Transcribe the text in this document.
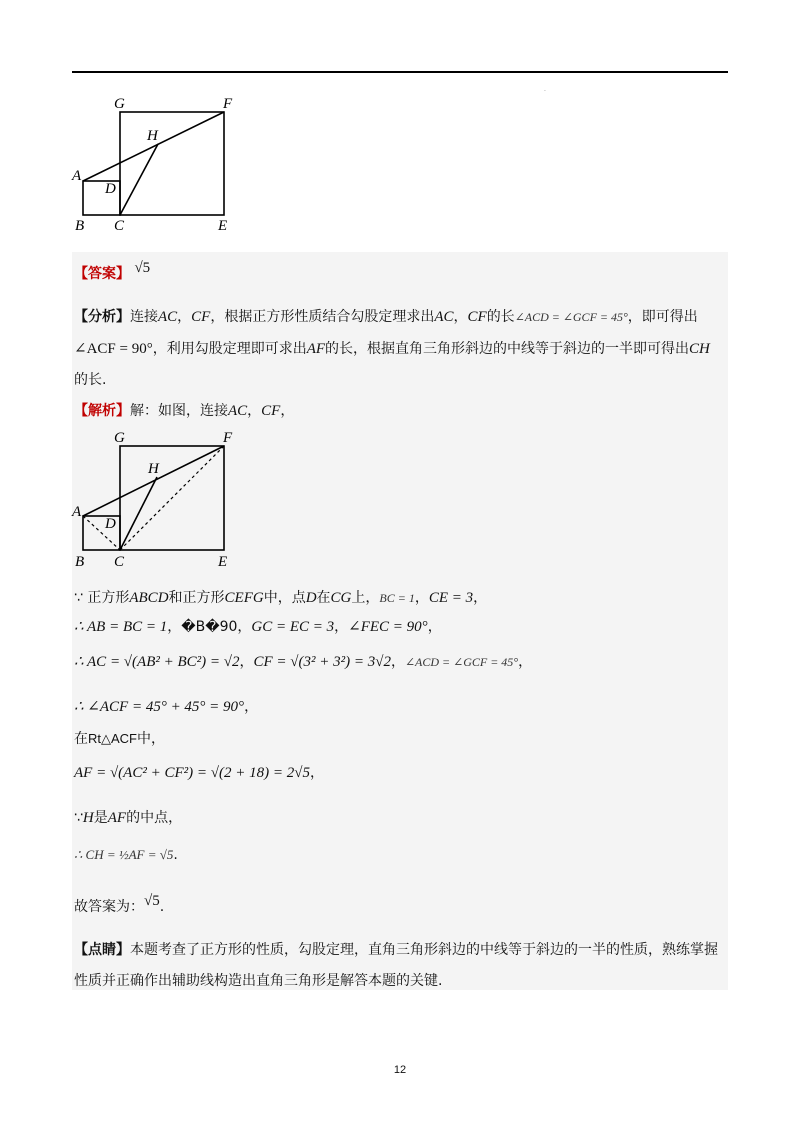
.
G	F
H
A
D
B C	E
【答案】 √5
【分析】连接AC，CF，根据正方形性质结合勾股定理求出AC，CF的长∠ACD = ∠GCF = 45°，即可得出
∠ACF = 90°，利用勾股定理即可求出AF的长，根据直角三角形斜边的中线等于斜边的一半即可得出CH
的长.
【解析】解：如图，连接AC，CF，
G	F
H
A
D
B C	E
∵ 正方形ABCD和正方形CEFG中，点D在CG上，BC = 1，CE = 3，
∴ AB = BC = 1，�B�90，GC = EC = 3，∠FEC = 90°，
∴ AC = √(AB² + BC²) = √2，CF = √(3² + 3²) = 3√2，∠ACD = ∠GCF = 45°，
∴ ∠ACF = 45° + 45° = 90°，
在Rt△ACF中，
AF = √(AC² + CF²) = √(2 + 18) = 2√5，
∵H是AF的中点，
∴ CH = ½AF = √5.
故答案为：√5.
【点睛】本题考查了正方形的性质，勾股定理，直角三角形斜边的中线等于斜边的一半的性质，熟练掌握
性质并正确作出辅助线构造出直角三角形是解答本题的关键.
12
